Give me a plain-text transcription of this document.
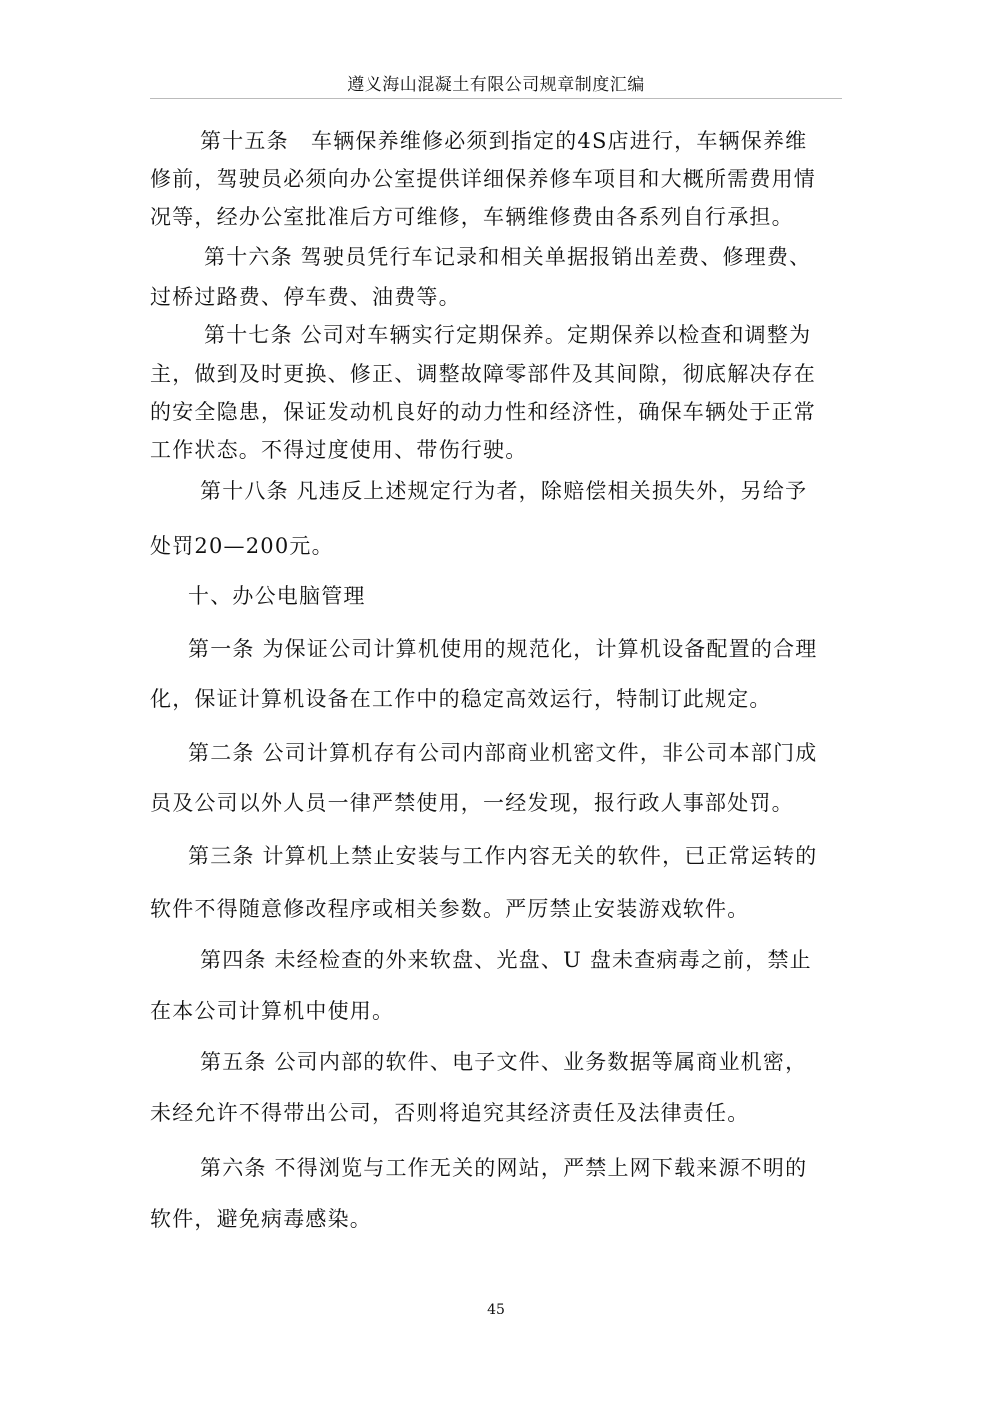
遵义海山混凝土有限公司规章制度汇编
第十五条　车辆保养维修必须到指定的4S店进行，车辆保养维
修前，驾驶员必须向办公室提供详细保养修车项目和大概所需费用情
况等，经办公室批准后方可维修，车辆维修费由各系列自行承担。
第十六条 驾驶员凭行车记录和相关单据报销出差费、修理费、
过桥过路费、停车费、油费等。
第十七条 公司对车辆实行定期保养。定期保养以检查和调整为
主，做到及时更换、修正、调整故障零部件及其间隙，彻底解决存在
的安全隐患，保证发动机良好的动力性和经济性，确保车辆处于正常
工作状态。不得过度使用、带伤行驶。
第十八条 凡违反上述规定行为者，除赔偿相关损失外，另给予
处罚20—200元。
十、办公电脑管理
第一条 为保证公司计算机使用的规范化，计算机设备配置的合理
化，保证计算机设备在工作中的稳定高效运行，特制订此规定。
第二条 公司计算机存有公司内部商业机密文件，非公司本部门成
员及公司以外人员一律严禁使用，一经发现，报行政人事部处罚。
第三条 计算机上禁止安装与工作内容无关的软件，已正常运转的
软件不得随意修改程序或相关参数。严厉禁止安装游戏软件。
第四条 未经检查的外来软盘、光盘、U 盘未查病毒之前，禁止
在本公司计算机中使用。
第五条 公司内部的软件、电子文件、业务数据等属商业机密，
未经允许不得带出公司，否则将追究其经济责任及法律责任。
第六条 不得浏览与工作无关的网站，严禁上网下载来源不明的
软件，避免病毒感染。
45
